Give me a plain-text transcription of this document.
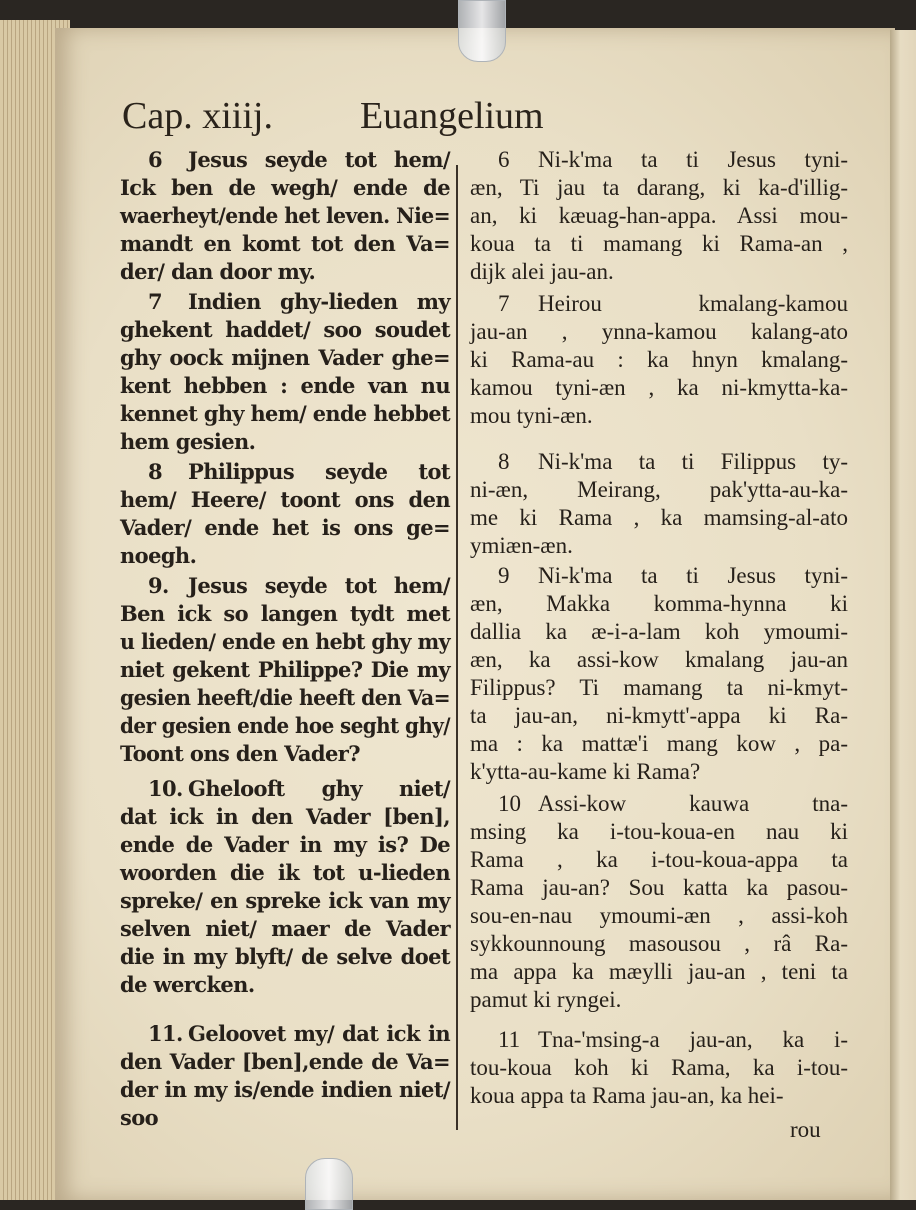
Cap. xiiij. Euangelium
6 Jesus seyde tot hem/
Ick ben de wegh/ ende de
waerheyt/ende het leven. Nie=
mandt en komt tot den Va=
der/ dan door my.
7 Indien ghy-lieden my
ghekent haddet/ soo soudet
ghy oock mijnen Vader ghe=
kent hebben : ende van nu
kennet ghy hem/ ende hebbet
hem gesien.
8 Philippus seyde tot
hem/ Heere/ toont ons den
Vader/ ende het is ons ge=
noegh.
9. Jesus seyde tot hem/
Ben ick so langen tydt met
u lieden/ ende en hebt ghy my
niet gekent Philippe? Die my
gesien heeft/die heeft den Va=
der gesien ende hoe seght ghy/
Toont ons den Vader?
10. Ghelooft ghy niet/
dat ick in den Vader [ben],
ende de Vader in my is? De
woorden die ik tot u-lieden
spreke/ en spreke ick van my
selven niet/ maer de Vader
die in my blyft/ de selve doet
de wercken.
11. Geloovet my/ dat ick in
den Vader [ben],ende de Va=
der in my is/ende indien niet/
soo
6 Ni-k'ma ta ti Jesus tyni-
æn, Ti jau ta darang, ki ka-d'illig-
an, ki kæuag-han-appa. Assi mou-
koua ta ti mamang ki Rama-an ,
dijk alei jau-an.
7 Heirou kmalang-kamou
jau-an , ynna-kamou kalang-ato
ki Rama-au : ka hnyn kmalang-
kamou tyni-æn , ka ni-kmytta-ka-
mou tyni-æn.
8 Ni-k'ma ta ti Filippus ty-
ni-æn, Meirang, pak'ytta-au-ka-
me ki Rama , ka mamsing-al-ato
ymiæn-æn.
9 Ni-k'ma ta ti Jesus tyni-
æn, Makka komma-hynna ki
dallia ka æ-i-a-lam koh ymoumi-
æn, ka assi-kow kmalang jau-an
Filippus? Ti mamang ta ni-kmyt-
ta jau-an, ni-kmytt'-appa ki Ra-
ma : ka mattæ'i mang kow , pa-
k'ytta-au-kame ki Rama?
10 Assi-kow kauwa tna-
msing ka i-tou-koua-en nau ki
Rama , ka i-tou-koua-appa ta
Rama jau-an? Sou katta ka pasou-
sou-en-nau ymoumi-æn , assi-koh
sykkounnoung masousou , râ Ra-
ma appa ka mæylli jau-an , teni ta
pamut ki ryngei.
11 Tna-'msing-a jau-an, ka i-
tou-koua koh ki Rama, ka i-tou-
koua appa ta Rama jau-an, ka hei-
rou
